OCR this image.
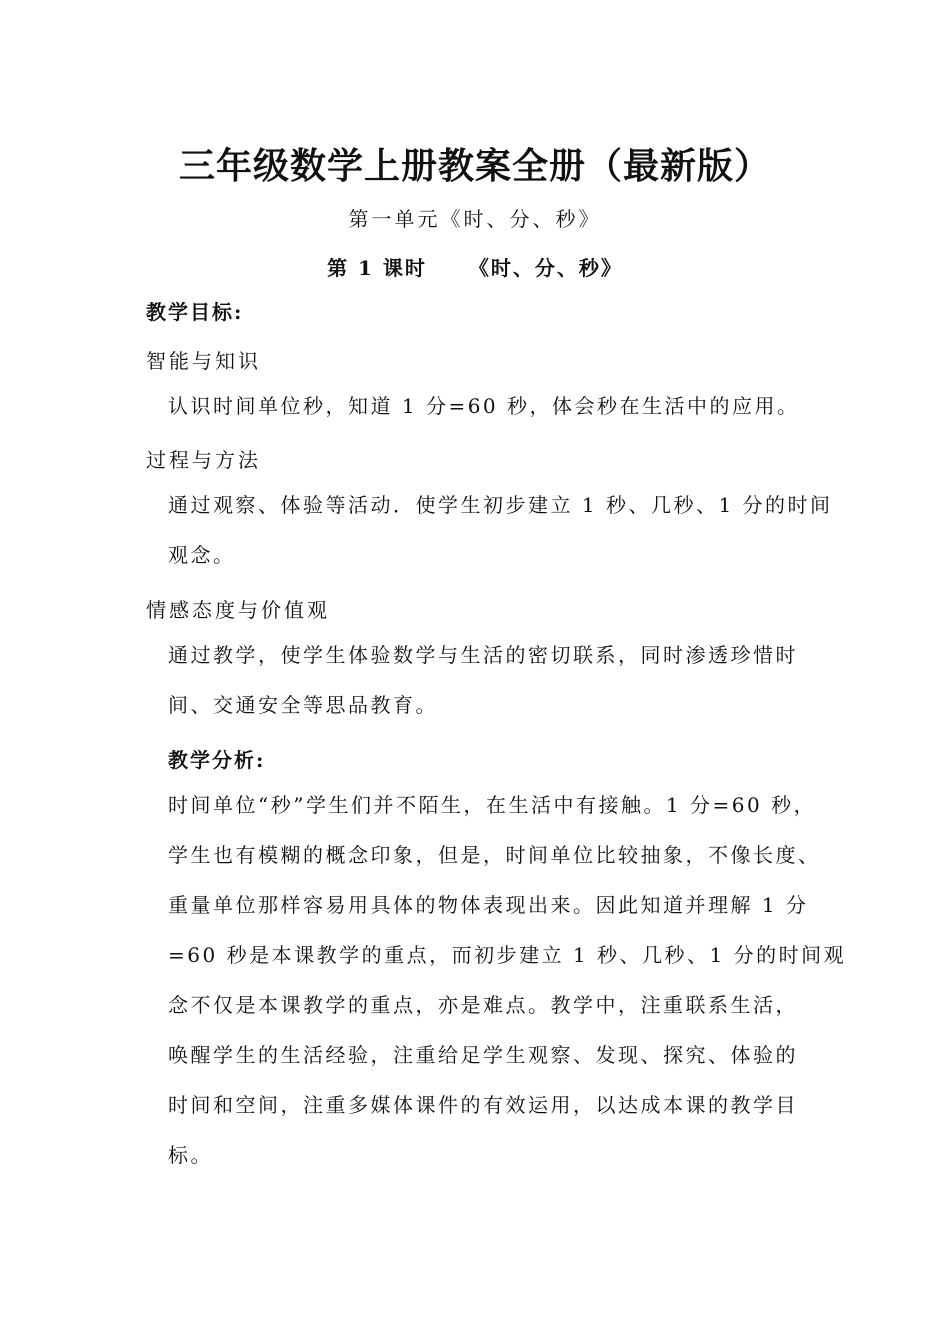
三年级数学上册教案全册（最新版）
第一单元《时、分、秒》
第 1 课时 《时、分、秒》
教学目标:
智能与知识
认识时间单位秒，知道 1 分=60 秒，体会秒在生活中的应用。
过程与方法
通过观察、体验等活动．使学生初步建立 1 秒、几秒、1 分的时间
观念。
情感态度与价值观
通过教学，使学生体验数学与生活的密切联系，同时渗透珍惜时
间、交通安全等思品教育。
教学分析:
时间单位“秒”学生们并不陌生，在生活中有接触。1 分=60 秒，
学生也有模糊的概念印象，但是，时间单位比较抽象，不像长度、
重量单位那样容易用具体的物体表现出来。因此知道并理解 1 分
=60 秒是本课教学的重点，而初步建立 1 秒、几秒、1 分的时间观
念不仅是本课教学的重点，亦是难点。教学中，注重联系生活，
唤醒学生的生活经验，注重给足学生观察、发现、探究、体验的
时间和空间，注重多媒体课件的有效运用，以达成本课的教学目
标。
